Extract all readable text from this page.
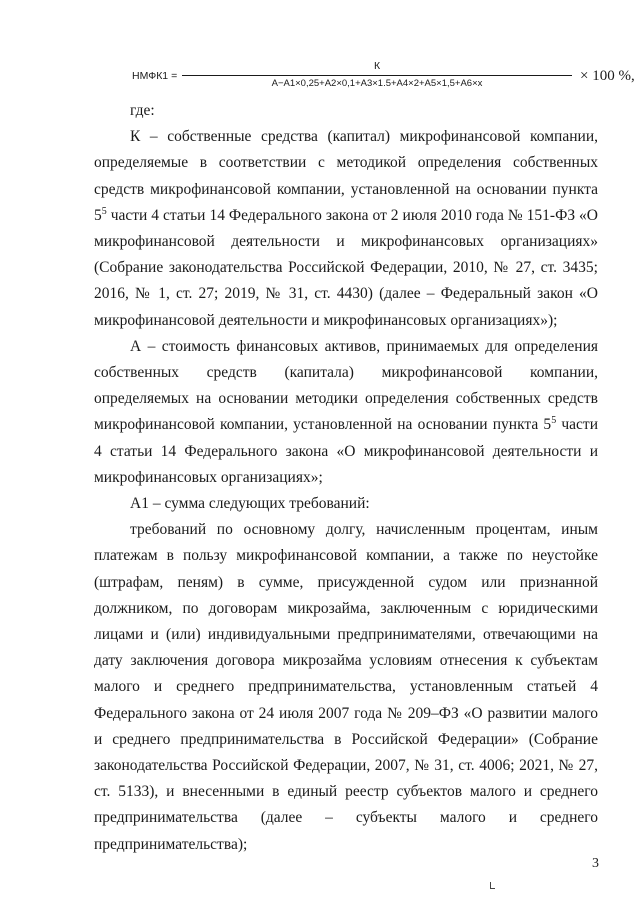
НМФК1 =
К
А−А1×0,25+А2×0,1+А3×1.5+А4×2+А5×1,5+А6×x	× 100 %,

где:

К – собственные средства (капитал) микрофинансовой компании, определяемые в соответствии с методикой определения собственных средств микрофинансовой компании, установленной на основании пункта $5^5$ части 4 статьи 14 Федерального закона от 2 июля 2010 года № 151-ФЗ «О микрофинансовой деятельности и микрофинансовых организациях» (Собрание законодательства Российской Федерации, 2010, № 27, ст. 3435; 2016, № 1, ст. 27; 2019, № 31, ст. 4430) (далее – Федеральный закон «О микрофинансовой деятельности и микрофинансовых организациях»);

А – стоимость финансовых активов, принимаемых для определения собственных средств (капитала) микрофинансовой компании, определяемых на основании методики определения собственных средств микрофинансовой компании, установленной на основании пункта $5^5$ части 4 статьи 14 Федерального закона «О микрофинансовой деятельности и микрофинансовых организациях»;

А1 – сумма следующих требований:

требований по основному долгу, начисленным процентам, иным платежам в пользу микрофинансовой компании, а также по неустойке (штрафам, пеням) в сумме, присужденной судом или признанной должником, по договорам микрозайма, заключенным с юридическими лицами и (или) индивидуальными предпринимателями, отвечающими на дату заключения договора микрозайма условиям отнесения к субъектам малого и среднего предпринимательства, установленным статьей 4 Федерального закона от 24 июля 2007 года № 209–ФЗ «О развитии малого и среднего предпринимательства в Российской Федерации» (Собрание законодательства Российской Федерации, 2007, № 31, ст. 4006; 2021, № 27, ст. 5133), и внесенными в единый реестр субъектов малого и среднего предпринимательства (далее – субъекты малого и среднего предпринимательства);

3
